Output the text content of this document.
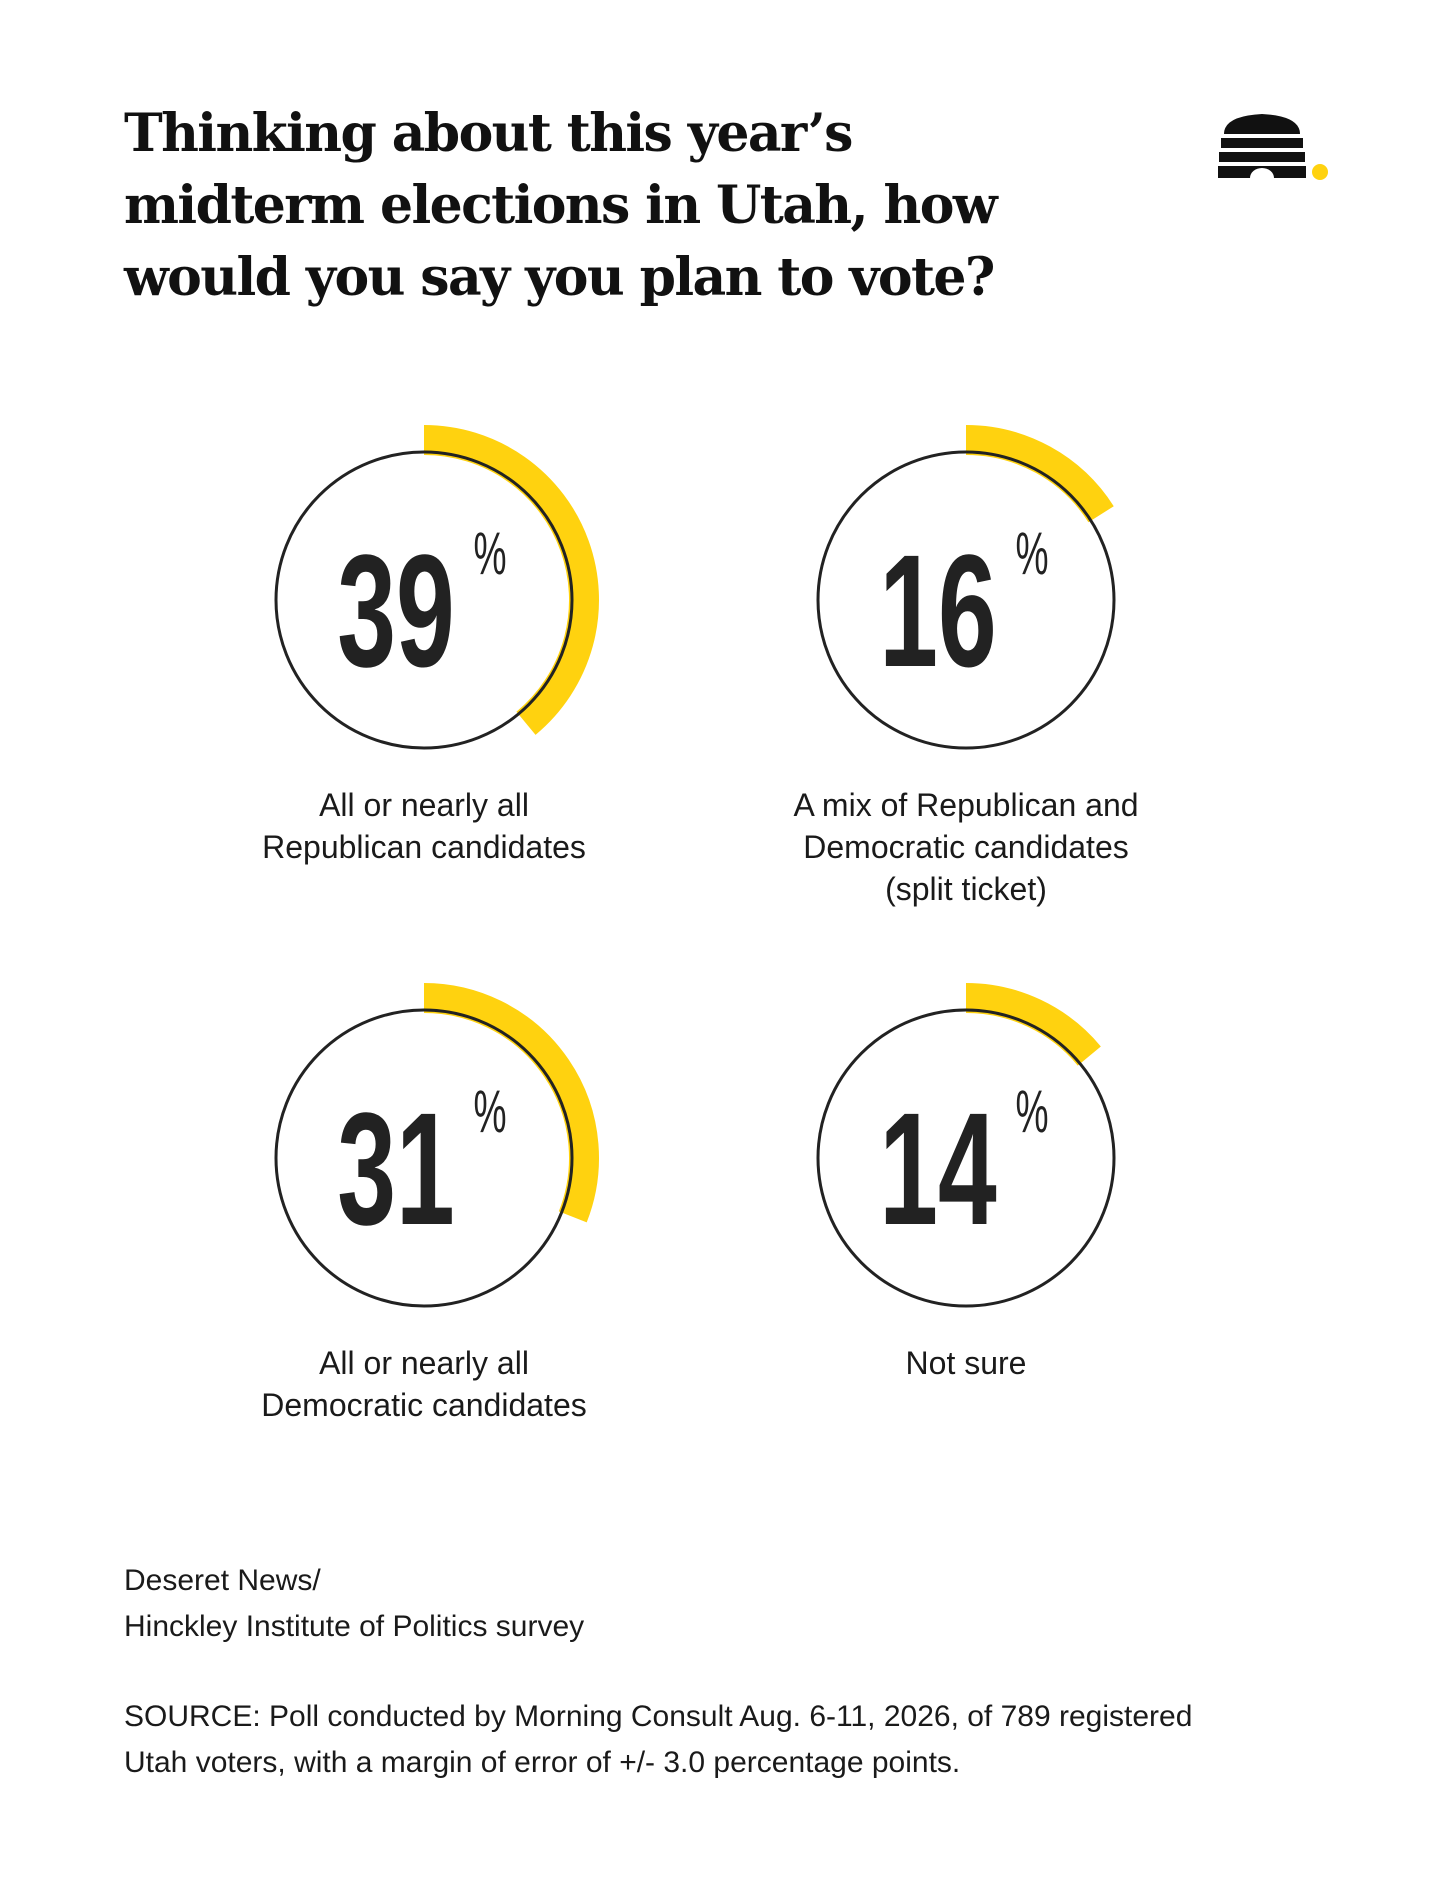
Thinking about this year’s midterm elections in Utah, how would you say you plan to vote?
39 %
All or nearly all
Republican candidates
16 %
A mix of Republican and
Democratic candidates
(split ticket)
31 %
All or nearly all
Democratic candidates
14 %
Not sure
Deseret News/
Hinckley Institute of Politics survey
SOURCE: Poll conducted by Morning Consult Aug. 6-11, 2026, of 789 registered
Utah voters, with a margin of error of +/- 3.0 percentage points.
